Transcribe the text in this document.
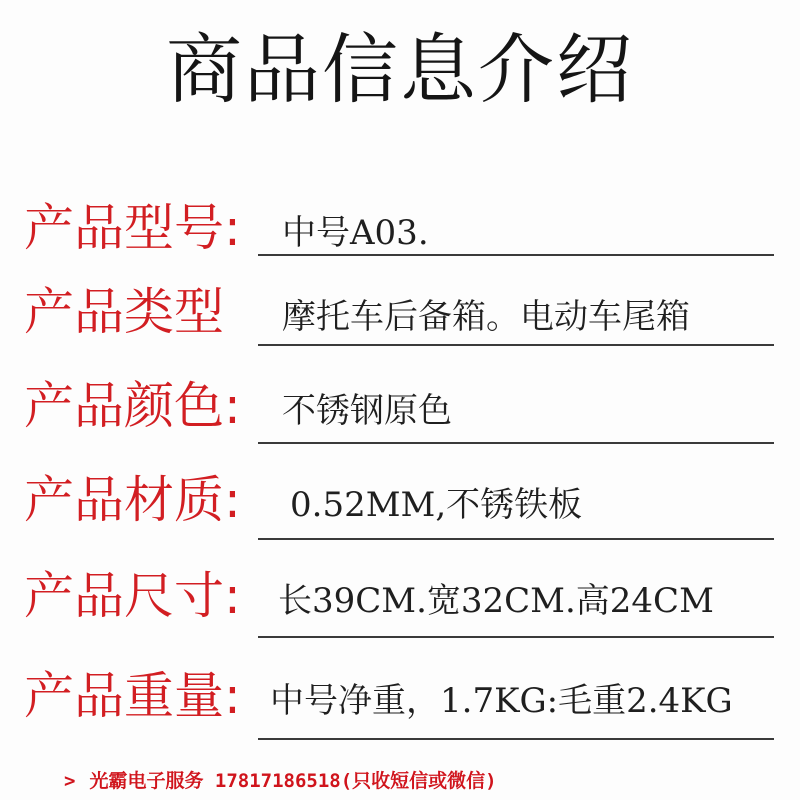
商品信息介绍
产品型号: 中号A03.
产品类型 摩托车后备箱。电动车尾箱
产品颜色: 不锈钢原色
产品材质: 0.52MM,不锈铁板
产品尺寸: 长39CM.宽32CM.高24CM
产品重量: 中号净重，1.7KG:毛重2.4KG
> 光霸电子服务 17817186518(只收短信或微信)
